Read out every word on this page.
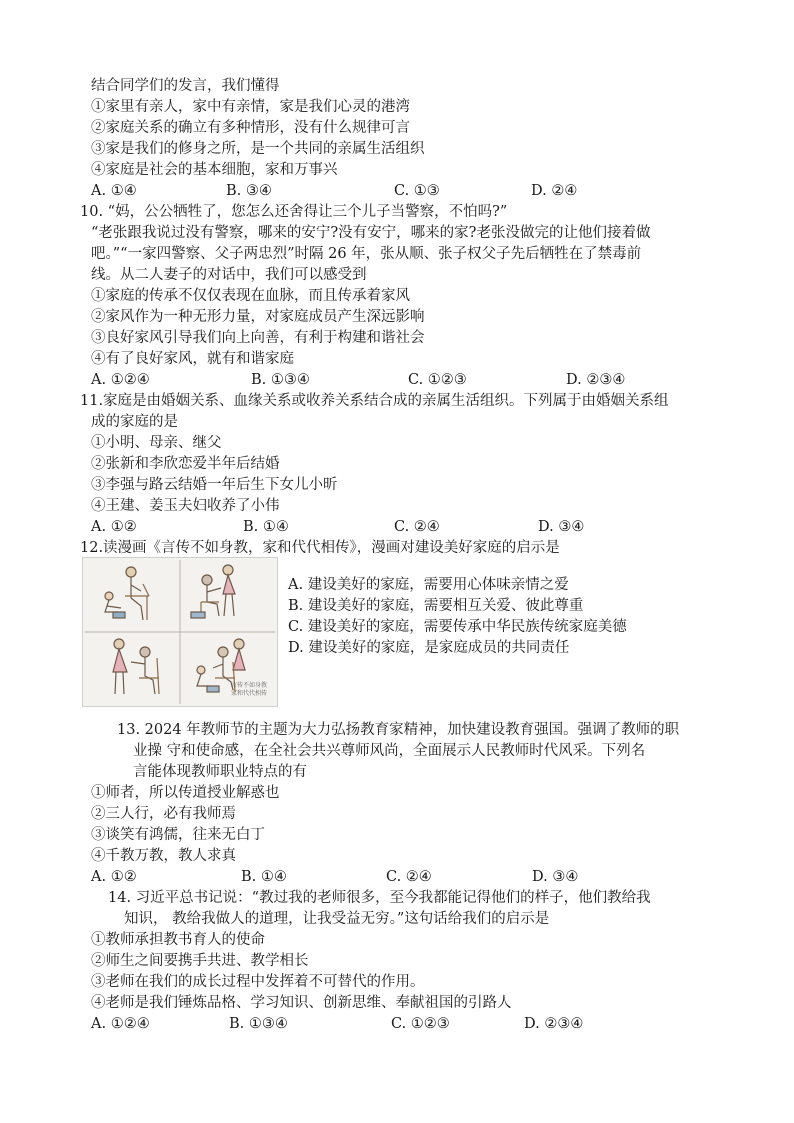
结合同学们的发言，我们懂得
①家里有亲人，家中有亲情，家是我们心灵的港湾
②家庭关系的确立有多种情形，没有什么规律可言
③家是我们的修身之所，是一个共同的亲属生活组织
④家庭是社会的基本细胞，家和万事兴
A. ①④	B. ③④	C. ①③	D. ②④
10. “妈，公公牺牲了，您怎么还舍得让三个儿子当警察，不怕吗?”
“老张跟我说过没有警察，哪来的安宁?没有安宁，哪来的家?老张没做完的让他们接着做
吧。”“一家四警察、父子两忠烈”时隔 26 年，张从顺、张子权父子先后牺牲在了禁毒前
线。从二人妻子的对话中，我们可以感受到
①家庭的传承不仅仅表现在血脉，而且传承着家风
②家风作为一种无形力量，对家庭成员产生深远影响
③良好家风引导我们向上向善，有利于构建和谐社会
④有了良好家风，就有和谐家庭
A. ①②④	B. ①③④	C. ①②③	D. ②③④
11.家庭是由婚姻关系、血缘关系或收养关系结合成的亲属生活组织。下列属于由婚姻关系组
成的家庭的是
①小明、母亲、继父
②张新和李欣恋爱半年后结婚
③李强与路云结婚一年后生下女儿小昕
④王建、姜玉夫妇收养了小伟
A. ①②	B. ①④	C. ②④	D. ③④
12.读漫画《言传不如身教，家和代代相传》，漫画对建设美好家庭的启示是
言传不如身教
家和代代相传
A. 建设美好的家庭，需要用心体味亲情之爱
B. 建设美好的家庭，需要相互关爱、彼此尊重
C. 建设美好的家庭，需要传承中华民族传统家庭美德
D. 建设美好的家庭，是家庭成员的共同责任
13. 2024 年教师节的主题为大力弘扬教育家精神，加快建设教育强国。强调了教师的职
业操 守和使命感，在全社会共兴尊师风尚，全面展示人民教师时代风采。下列名
言能体现教师职业特点的有
①师者，所以传道授业解惑也
②三人行，必有我师焉
③谈笑有鸿儒，往来无白丁
④千教万教，教人求真
A. ①②	B. ①④	C. ②④	D. ③④
14. 习近平总书记说：“教过我的老师很多，至今我都能记得他们的样子，他们教给我
知识， 教给我做人的道理，让我受益无穷。”这句话给我们的启示是
①教师承担教书育人的使命
②师生之间要携手共进、教学相长
③老师在我们的成长过程中发挥着不可替代的作用。
④老师是我们锤炼品格、学习知识、创新思维、奉献祖国的引路人
A. ①②④	B. ①③④	C. ①②③	D. ②③④
